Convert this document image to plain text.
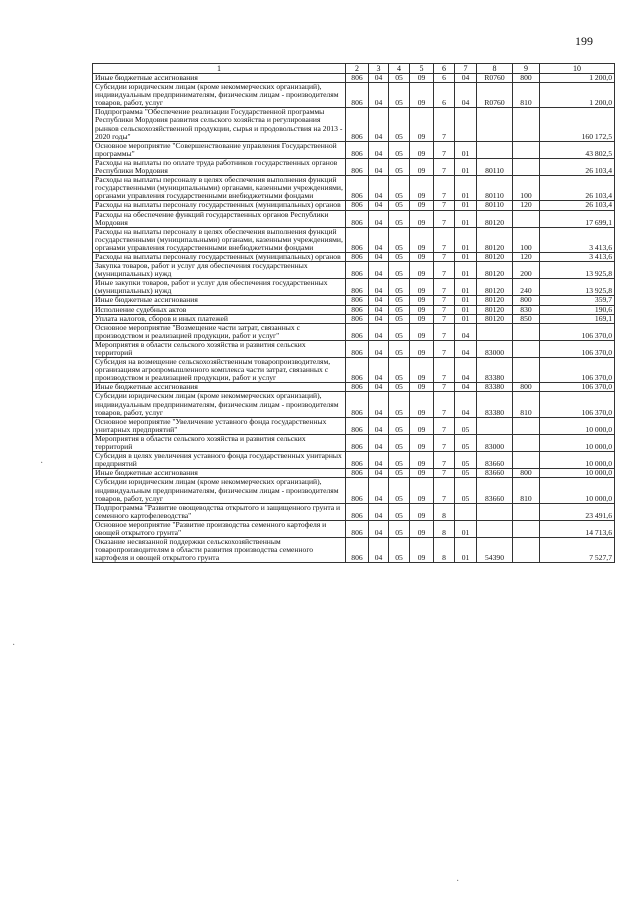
199
·
·
·
1	2	3	4	5	6	7	8	9	10
Иные бюджетные ассигнования	806	04	05	09	6	04	R0760	800	1 200,0
Субсидии юридическим лицам (кроме некоммерческих организаций), индивидуальным предпринимателям, физическим лицам - производителям товаров, работ, услуг	806	04	05	09	6	04	R0760	810	1 200,0
Подпрограмма "Обеспечение реализации Государственной программы Республики Мордовия развития сельского хозяйства и регулирования рынков сельскохозяйственной продукции, сырья и продовольствия на 2013 - 2020 годы"	806	04	05	09	7				160 172,5
Основное мероприятие "Совершенствование управления Государственной программы"	806	04	05	09	7	01			43 802,5
Расходы на выплаты по оплате труда работников государственных органов Республики Мордовия	806	04	05	09	7	01	80110		26 103,4
Расходы на выплаты персоналу в целях обеспечения выполнения функций государственными (муниципальными) органами, казенными учреждениями, органами управления государственными внебюджетными фондами	806	04	05	09	7	01	80110	100	26 103,4
Расходы на выплаты персоналу государственных (муниципальных) органов	806	04	05	09	7	01	80110	120	26 103,4
Расходы на обеспечение функций государственных органов Республики Мордовия	806	04	05	09	7	01	80120		17 699,1
Расходы на выплаты персоналу в целях обеспечения выполнения функций государственными (муниципальными) органами, казенными учреждениями, органами управления государственными внебюджетными фондами	806	04	05	09	7	01	80120	100	3 413,6
Расходы на выплаты персоналу государственных (муниципальных) органов	806	04	05	09	7	01	80120	120	3 413,6
Закупка товаров, работ и услуг для обеспечения государственных (муниципальных) нужд	806	04	05	09	7	01	80120	200	13 925,8
Иные закупки товаров, работ и услуг для обеспечения государственных (муниципальных) нужд	806	04	05	09	7	01	80120	240	13 925,8
Иные бюджетные ассигнования	806	04	05	09	7	01	80120	800	359,7
Исполнение судебных актов	806	04	05	09	7	01	80120	830	190,6
Уплата налогов, сборов и иных платежей	806	04	05	09	7	01	80120	850	169,1
Основное мероприятие "Возмещение части затрат, связанных с производством и реализацией продукции, работ и услуг"	806	04	05	09	7	04			106 370,0
Мероприятия в области сельского хозяйства и развития сельских территорий	806	04	05	09	7	04	83000		106 370,0
Субсидия на возмещение сельскохозяйственным товаропроизводителям, организациям агропромышленного комплекса части затрат, связанных с производством и реализацией продукции, работ и услуг	806	04	05	09	7	04	83380		106 370,0
Иные бюджетные ассигнования	806	04	05	09	7	04	83380	800	106 370,0
Субсидии юридическим лицам (кроме некоммерческих организаций), индивидуальным предпринимателям, физическим лицам - производителям товаров, работ, услуг	806	04	05	09	7	04	83380	810	106 370,0
Основное мероприятие "Увеличение уставного фонда государственных унитарных предприятий"	806	04	05	09	7	05			10 000,0
Мероприятия в области сельского хозяйства и развития сельских территорий	806	04	05	09	7	05	83000		10 000,0
Субсидия в целях увеличения уставного фонда государственных унитарных предприятий	806	04	05	09	7	05	83660		10 000,0
Иные бюджетные ассигнования	806	04	05	09	7	05	83660	800	10 000,0
Субсидии юридическим лицам (кроме некоммерческих организаций), индивидуальным предпринимателям, физическим лицам - производителям товаров, работ, услуг	806	04	05	09	7	05	83660	810	10 000,0
Подпрограмма "Развитие овощеводства открытого и защищенного грунта и семенного картофелеводства"	806	04	05	09	8				23 491,6
Основное мероприятие "Развитие производства семенного картофеля и овощей открытого грунта"	806	04	05	09	8	01			14 713,6
Оказание несвязанной поддержки сельскохозяйственным товаропроизводителям в области развития производства семенного картофеля и овощей открытого грунта	806	04	05	09	8	01	54390		7 527,7
